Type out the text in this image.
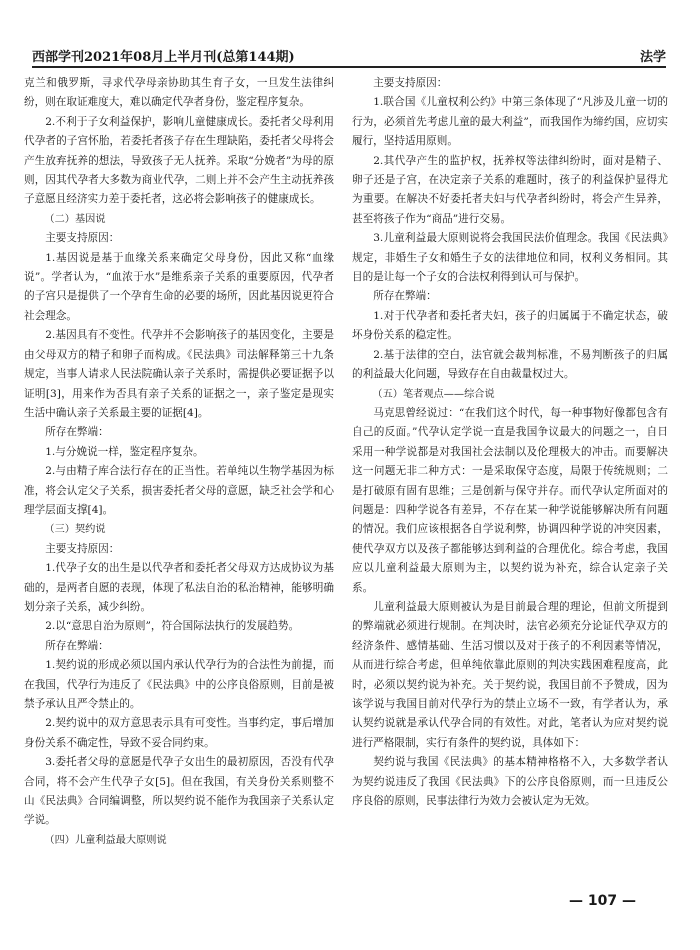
西部学刊2021年08月上半月刊(总第144期)	法学

克兰和俄罗斯，寻求代孕母亲协助其生育子女，一旦发生法律纠纷，则在取证难度大，难以确定代孕者身份，鉴定程序复杂。

2.不利于子女利益保护，影响儿童健康成长。委托者父母利用代孕者的子宫怀胎，若委托者孩子存在生理缺陷，委托者父母将会产生放弃抚养的想法，导致孩子无人抚养。采取“分娩者”为母的原则，因其代孕者大多数为商业代孕，二则上并不会产生主动抚养孩子意愿且经济实力差于委托者，这必将会影响孩子的健康成长。

（二）基因说

主要支持原因：

1.基因说是基于血缘关系来确定父母身份，因此又称“血缘说”。学者认为，“血浓于水”是维系亲子关系的重要原因，代孕者的子宫只是提供了一个孕育生命的必要的场所，因此基因说更符合社会理念。

2.基因具有不变性。代孕并不会影响孩子的基因变化，主要是由父母双方的精子和卵子而构成。《民法典》司法解释第三十九条规定，当事人请求人民法院确认亲子关系时，需提供必要证据予以证明[3]，用来作为否具有亲子关系的证据之一，亲子鉴定是现实生活中确认亲子关系最主要的证据[4]。

所存在弊端：

1.与分娩说一样，鉴定程序复杂。

2.与由精子库合法行存在的正当性。若单纯以生物学基因为标准，将会认定父子关系，损害委托者父母的意愿，缺乏社会学和心理学层面支撑[4]。

（三）契约说

主要支持原因：

1.代孕子女的出生是以代孕者和委托者父母双方达成协议为基础的，是两者自愿的表现，体现了私法自治的私治精神，能够明确划分亲子关系，减少纠纷。

2.以“意思自治为原则”，符合国际法执行的发展趋势。

所存在弊端：

1.契约说的形成必须以国内承认代孕行为的合法性为前提，而在我国，代孕行为违反了《民法典》中的公序良俗原则，目前是被禁予承认且严令禁止的。

2.契约说中的双方意思表示具有可变性。当事约定，事后增加身份关系不确定性，导致不妥合同约束。

3.委托者父母的意愿是代孕子女出生的最初原因，否没有代孕合同，将不会产生代孕子女[5]。但在我国，有关身份关系则整不山《民法典》合同编调整，所以契约说不能作为我国亲子关系认定学说。

（四）儿童利益最大原则说

主要支持原因：

1.联合国《儿童权利公约》中第三条体现了“凡涉及儿童一切的行为，必须首先考虑儿童的最大利益”，而我国作为缔约国，应切实履行，坚持适用原则。

2.其代孕产生的监护权，抚养权等法律纠纷时，面对是精子、卵子还是子宫，在决定亲子关系的难题时，孩子的利益保护显得尤为重要。在解决不好委托者夫妇与代孕者纠纷时，将会产生异养，甚至将孩子作为“商品”进行交易。

3.儿童利益最大原则说将会我国民法价值理念。我国《民法典》规定，非婚生子女和婚生子女的法律地位和同，权利义务相同。其目的是让每一个子女的合法权利得到认可与保护。

所存在弊端：

1.对于代孕者和委托者夫妇，孩子的归属属于不确定状态，破坏身份关系的稳定性。

2.基于法律的空白，法官就会裁判标准，不易判断孩子的归属的利益最大化问题，导致存在自由裁量权过大。

（五）笔者观点——综合说

马克思曾经说过：“在我们这个时代，每一种事物好像都包含有自己的反面。”代孕认定学说一直是我国争议最大的问题之一，自日采用一种学说都是对我国社会法制以及伦理极大的冲击。而要解决这一问题无非二种方式：一是采取保守态度，局限于传统规则；二是打破原有固有思维；三是创新与保守并存。而代孕认定所面对的问题是：四种学说各有差异，不存在某一种学说能够解决所有问题的情况。我们应该根据各自学说利弊，协调四种学说的冲突因素，使代孕双方以及孩子都能够达到利益的合理优化。综合考虑，我国应以儿童利益最大原则为主，以契约说为补充，综合认定亲子关系。

儿童利益最大原则被认为是目前最合理的理论，但前文所提到的弊端就必须进行规制。在判决时，法官必须充分论证代孕双方的经济条件、感情基础、生活习惯以及对于孩子的不利因素等情况，从而进行综合考虑，但单纯依靠此原则的判决实践困难程度高，此时，必须以契约说为补充。关于契约说，我国目前不予赞成，因为该学说与我国目前对代孕行为的禁止立场不一致，有学者认为，承认契约说就是承认代孕合同的有效性。对此，笔者认为应对契约说进行严格限制，实行有条件的契约说，具体如下：

契约说与我国《民法典》的基本精神格格不入，大多数学者认为契约说违反了我国《民法典》下的公序良俗原则，而一旦违反公序良俗的原则，民事法律行为效力会被认定为无效。

— 107 —
